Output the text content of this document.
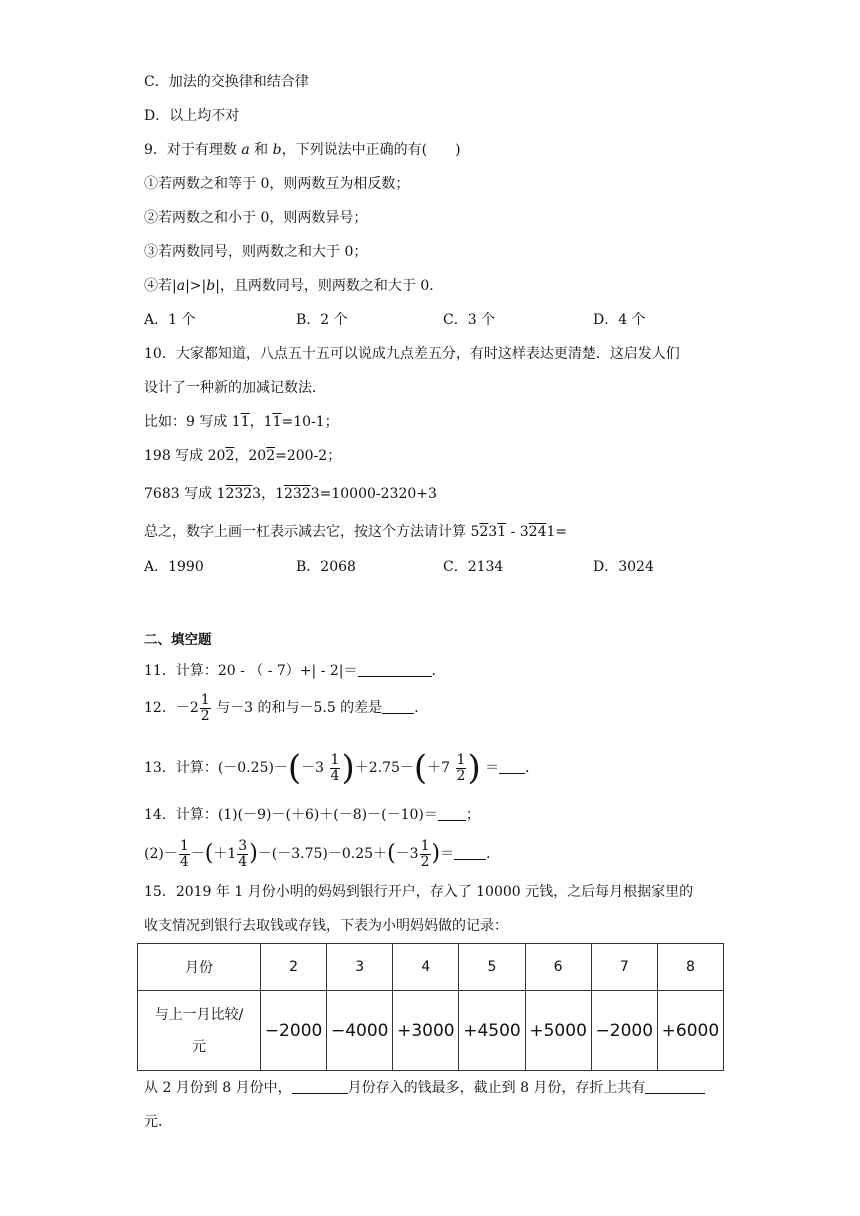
C．加法的交换律和结合律
D．以上均不对
9．对于有理数 a 和 b，下列说法中正确的有(　　)
①若两数之和等于 0，则两数互为相反数；
②若两数之和小于 0，则两数异号；
③若两数同号，则两数之和大于 0；
④若|a|>|b|，且两数同号，则两数之和大于 0．
A．1 个	B．2 个	C．3 个	D．4 个
10．大家都知道，八点五十五可以说成九点差五分，有时这样表达更清楚．这启发人们
设计了一种新的加减记数法．
比如：9 写成 11，11=10-1；
198 写成 202，202=200-2；
7683 写成 12323，12323=10000-2320+3
总之，数字上画一杠表示减去它，按这个方法请计算 5231 - 3241=
A．1990	B．2068	C．2134	D．3024
二、填空题
11．计算：20 - （ - 7）+| - 2|＝	．
12．$-2 \frac{1}{2}$ 与－3 的和与－5.5 的差是 ．
13．计算：$(-0.25)-(-3 \frac{1}{4} )+2.75-(+7 \frac{1}{2}$ ) ＝ ．
14．计算：(1)(－9)－(＋6)＋(－8)－(－10)＝ ；
$(2)- \frac{1}{4} -(+1 \frac{3}{4} )-(-3.75)-0.25+(-3 \frac{1}{2}$ )＝ ．
15．2019 年 1 月份小明的妈妈到银行开户，存入了 10000 元钱，之后每月根据家里的
收支情况到银行去取钱或存钱，下表为小明妈妈做的记录：
月份	2	3	4	5	6	7	8
与上一月比较/
元	−2000	−4000	+3000	+4500	+5000	−2000	+6000
从 2 月份到 8 月份中，	月份存入的钱最多，截止到 8 月份，存折上共有
元．
